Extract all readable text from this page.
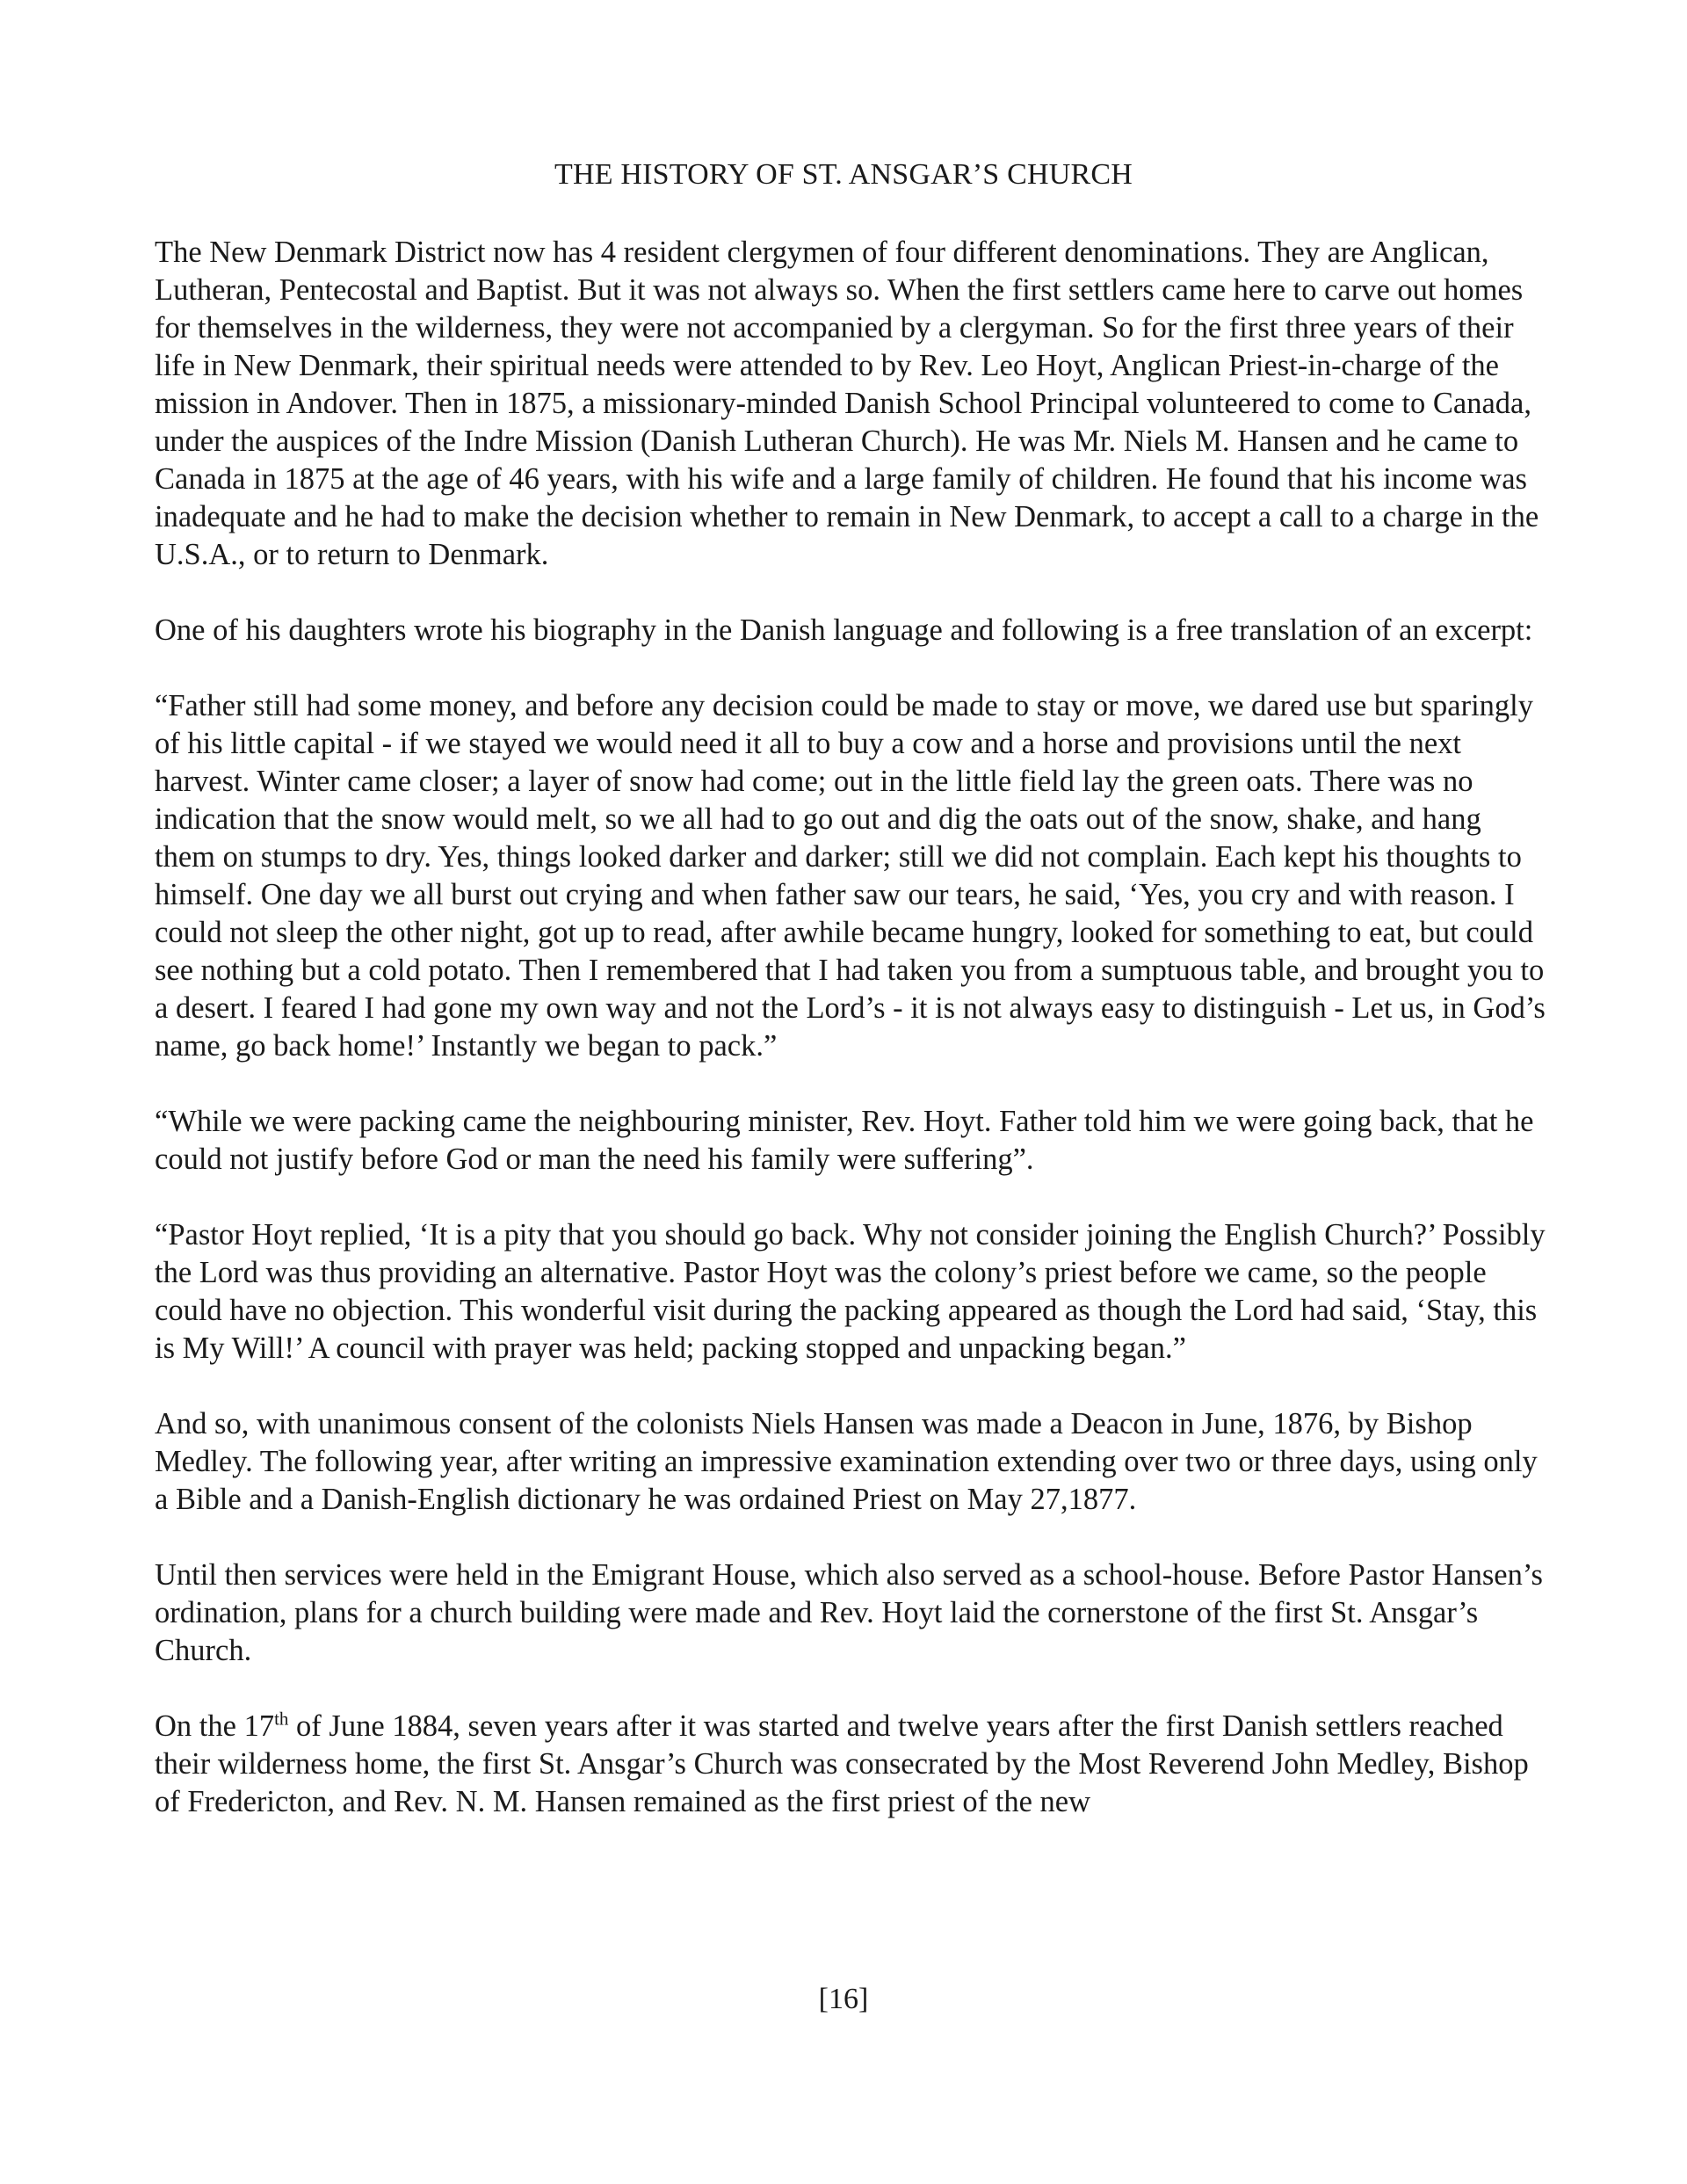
THE HISTORY OF ST. ANSGAR’S CHURCH

The New Denmark District now has 4 resident clergymen of four different denominations. They are Anglican, Lutheran, Pentecostal and Baptist. But it was not always so. When the first settlers came here to carve out homes for themselves in the wilderness, they were not accompanied by a clergyman. So for the first three years of their life in New Denmark, their spiritual needs were attended to by Rev. Leo Hoyt, Anglican Priest-in-charge of the mission in Andover. Then in 1875, a missionary-minded Danish School Principal volunteered to come to Canada, under the auspices of the Indre Mission (Danish Lutheran Church). He was Mr. Niels M. Hansen and he came to Canada in 1875 at the age of 46 years, with his wife and a large family of children. He found that his income was inadequate and he had to make the decision whether to remain in New Denmark, to accept a call to a charge in the U.S.A., or to return to Denmark.

One of his daughters wrote his biography in the Danish language and following is a free translation of an excerpt:

“Father still had some money, and before any decision could be made to stay or move, we dared use but sparingly of his little capital - if we stayed we would need it all to buy a cow and a horse and provisions until the next harvest. Winter came closer; a layer of snow had come; out in the little field lay the green oats. There was no indication that the snow would melt, so we all had to go out and dig the oats out of the snow, shake, and hang them on stumps to dry. Yes, things looked darker and darker; still we did not complain. Each kept his thoughts to himself. One day we all burst out crying and when father saw our tears, he said, ‘Yes, you cry and with reason. I could not sleep the other night, got up to read, after awhile became hungry, looked for something to eat, but could see nothing but a cold potato. Then I remembered that I had taken you from a sumptuous table, and brought you to a desert. I feared I had gone my own way and not the Lord’s - it is not always easy to distinguish - Let us, in God’s name, go back home!’ Instantly we began to pack.”

“While we were packing came the neighbouring minister, Rev. Hoyt. Father told him we were going back, that he could not justify before God or man the need his family were suffering”.

“Pastor Hoyt replied, ‘It is a pity that you should go back. Why not consider joining the English Church?’ Possibly the Lord was thus providing an alternative. Pastor Hoyt was the colony’s priest before we came, so the people could have no objection. This wonderful visit during the packing appeared as though the Lord had said, ‘Stay, this is My Will!’ A council with prayer was held; packing stopped and unpacking began.”

And so, with unanimous consent of the colonists Niels Hansen was made a Deacon in June, 1876, by Bishop Medley. The following year, after writing an impressive examination extending over two or three days, using only a Bible and a Danish-English dictionary he was ordained Priest on May 27,1877.

Until then services were held in the Emigrant House, which also served as a school-house. Before Pastor Hansen’s ordination, plans for a church building were made and Rev. Hoyt laid the cornerstone of the first St. Ansgar’s Church.

On the 17th of June 1884, seven years after it was started and twelve years after the first Danish settlers reached their wilderness home, the first St. Ansgar’s Church was consecrated by the Most Reverend John Medley, Bishop of Fredericton, and Rev. N. M. Hansen remained as the first priest of the new

[16]
